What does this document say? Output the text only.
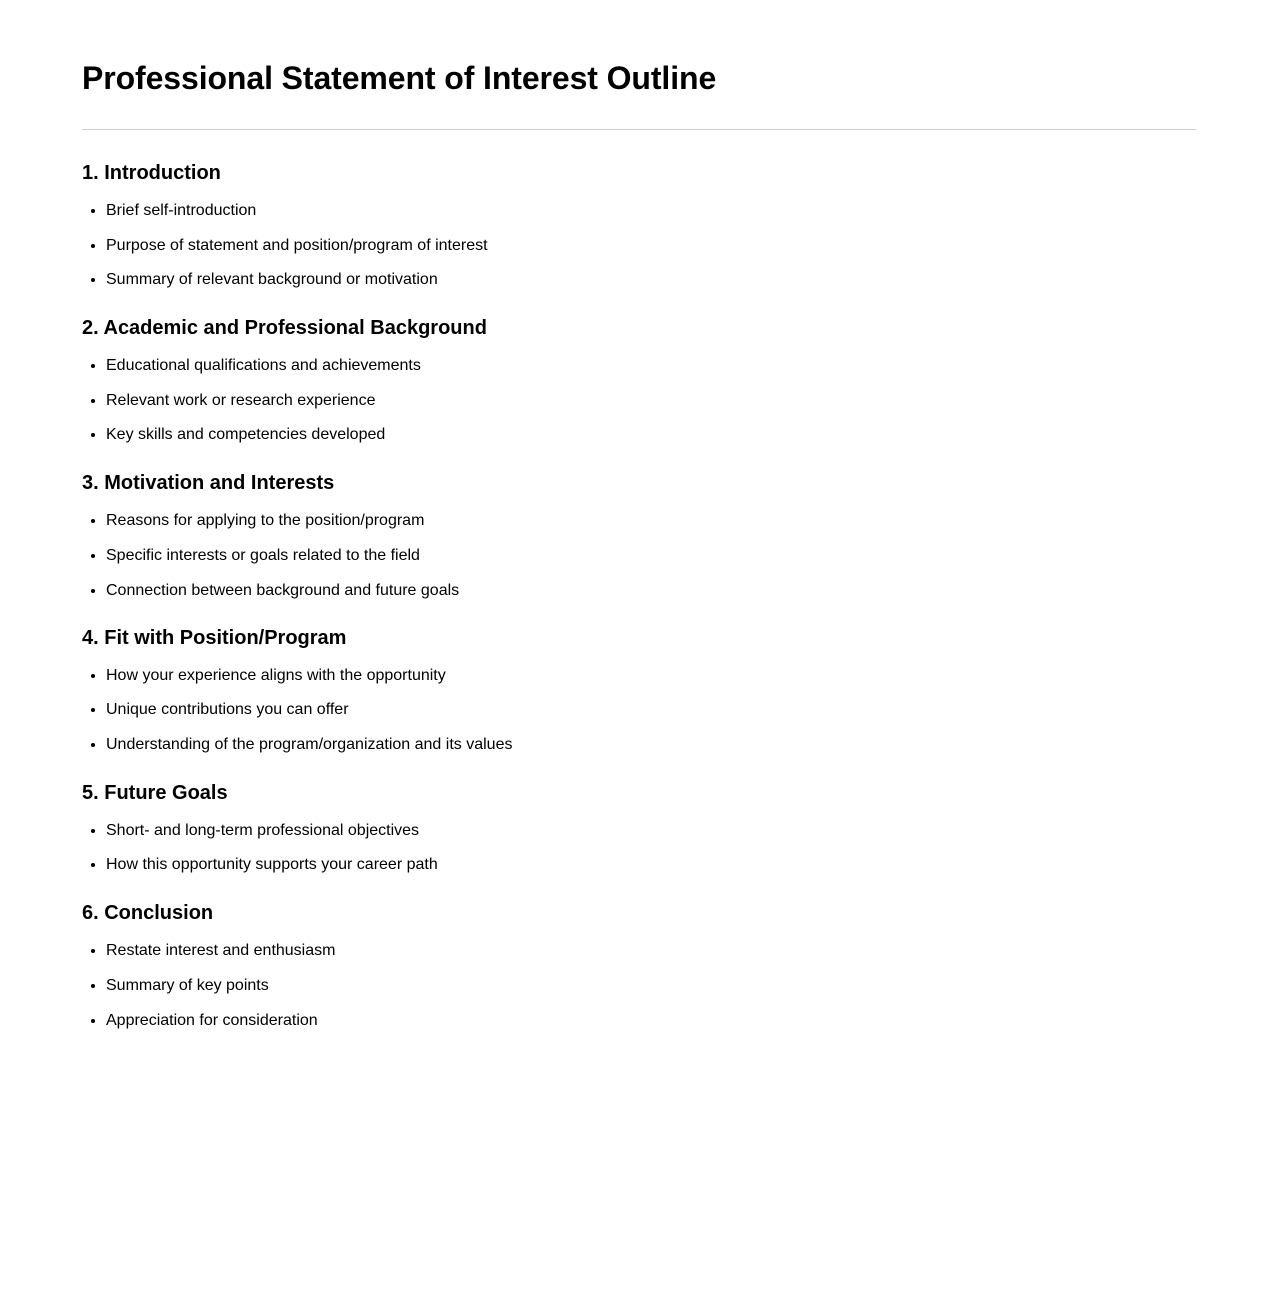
Professional Statement of Interest Outline
1. Introduction
• Brief self-introduction
• Purpose of statement and position/program of interest
• Summary of relevant background or motivation
2. Academic and Professional Background
• Educational qualifications and achievements
• Relevant work or research experience
• Key skills and competencies developed
3. Motivation and Interests
• Reasons for applying to the position/program
• Specific interests or goals related to the field
• Connection between background and future goals
4. Fit with Position/Program
• How your experience aligns with the opportunity
• Unique contributions you can offer
• Understanding of the program/organization and its values
5. Future Goals
• Short- and long-term professional objectives
• How this opportunity supports your career path
6. Conclusion
• Restate interest and enthusiasm
• Summary of key points
• Appreciation for consideration
